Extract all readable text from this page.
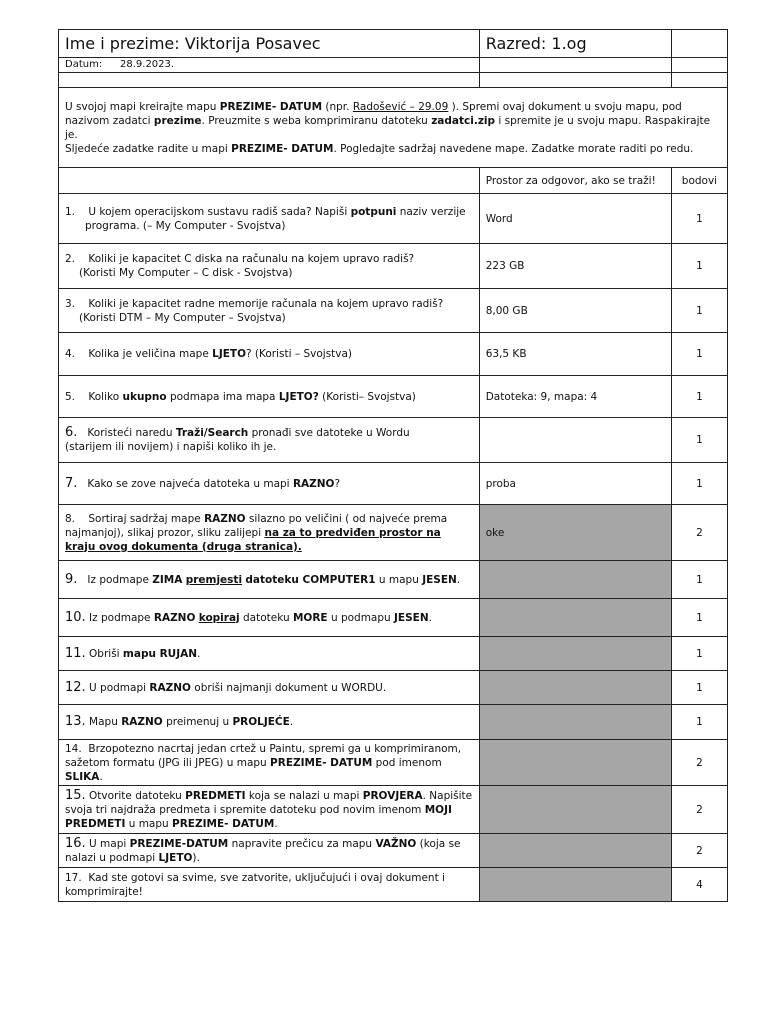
Ime i prezime: Viktorija Posavec	Razred: 1.og	
Datum: 28.9.2023.		

U svojoj mapi kreirajte mapu PREZIME- DATUM (npr. Radošević – 29.09 ). Spremi ovaj dokument u svoju mapu, pod nazivom zadatci prezime. Preuzmite s weba komprimiranu datoteku zadatci.zip i spremite je u svoju mapu. Raspakirajte je.
Sljedeće zadatke radite u mapi PREZIME- DATUM. Pogledajte sadržaj navedene mape. Zadatke morate raditi po redu.		

	Prostor za odgovor, ako se traži!	bodovi
1. U kojem operacijskom sustavu radiš sada? Napiši potpuni naziv verzije
programa. (– My Computer - Svojstva)	Word	1
2. Koliki je kapacitet C diska na računalu na kojem upravo radiš?
(Koristi My Computer – C disk - Svojstva)	223 GB	1
3. Koliki je kapacitet radne memorije računala na kojem upravo radiš?
(Koristi DTM – My Computer – Svojstva)	8,00 GB	1
4. Kolika je veličina mape LJETO? (Koristi – Svojstva)	63,5 KB	1
5. Koliko ukupno podmapa ima mapa LJETO? (Koristi– Svojstva)	Datoteka: 9, mapa: 4	1
6. Koristeći naredu Traži/Search pronađi sve datoteke u Wordu
(starijem ili novijem) i napiši koliko ih je.		1
7. Kako se zove najveća datoteka u mapi RAZNO?	proba	1
8. Sortiraj sadržaj mape RAZNO silazno po veličini ( od najveće prema
najmanjoj), slikaj prozor, sliku zalijepi na za to predviđen prostor na kraju ovog dokumenta (druga stranica).	oke	2
9. Iz podmape ZIMA premjesti datoteku COMPUTER1 u mapu JESEN.		1
10. Iz podmape RAZNO kopiraj datoteku MORE u podmapu JESEN.		1
11. Obriši mapu RUJAN.		1
12. U podmapi RAZNO obriši najmanji dokument u WORDU.		1
13. Mapu RAZNO preimenuj u PROLJEĆE.		1
14. Brzopotezno nacrtaj jedan crtež u Paintu, spremi ga u komprimiranom, sažetom formatu (JPG ili JPEG) u mapu PREZIME- DATUM pod imenom SLIKA.		2
15. Otvorite datoteku PREDMETI koja se nalazi u mapi PROVJERA. Napišite svoja tri najdraža predmeta i spremite datoteku pod novim imenom MOJI PREDMETI u mapu PREZIME- DATUM.		2
16. U mapi PREZIME-DATUM napravite prečicu za mapu VAŽNO (koja se nalazi u podmapi LJETO).		2
17. Kad ste gotovi sa svime, sve zatvorite, uključujući i ovaj dokument i komprimirajte!		4
